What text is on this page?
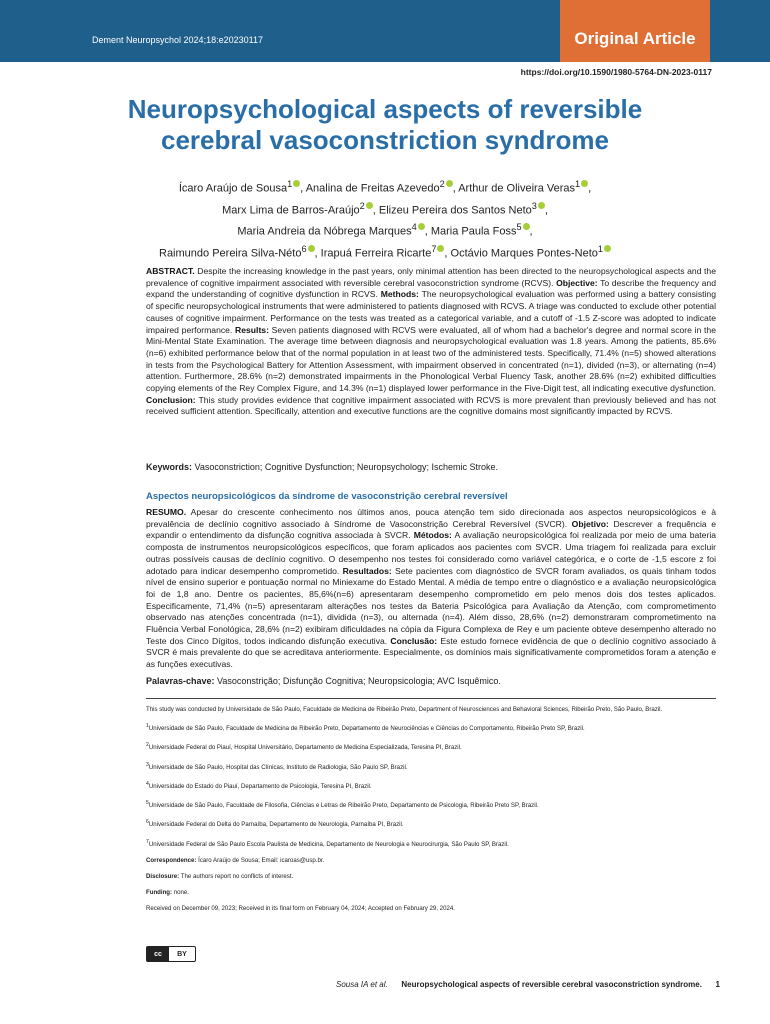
Dement Neuropsychol 2024;18:e20230117	Original Article
https://doi.org/10.1590/1980-5764-DN-2023-0117
Neuropsychological aspects of reversible cerebral vasoconstriction syndrome
Ícaro Araújo de Sousa$^1$ , Analina de Freitas Azevedo$^2$ , Arthur de Oliveira Veras$^1$ ,
Marx Lima de Barros-Araújo$^2$ , Elizeu Pereira dos Santos Neto$^3$ ,
Maria Andreia da Nóbrega Marques$^4$ , Maria Paula Foss$^5$ ,
Raimundo Pereira Silva-Néto$^6$ , Irapuá Ferreira Ricarte$^7$ , Octávio Marques Pontes-Neto$^1$

ABSTRACT. Despite the increasing knowledge in the past years, only minimal attention has been directed to the neuropsychological aspects and the prevalence of cognitive impairment associated with reversible cerebral vasoconstriction syndrome (RCVS). Objective: To describe the frequency and expand the understanding of cognitive dysfunction in RCVS. Methods: The neuropsychological evaluation was performed using a battery consisting of specific neuropsychological instruments that were administered to patients diagnosed with RCVS. A triage was conducted to exclude other potential causes of cognitive impairment. Performance on the tests was treated as a categorical variable, and a cutoff of -1.5 Z-score was adopted to indicate impaired performance. Results: Seven patients diagnosed with RCVS were evaluated, all of whom had a bachelor's degree and normal score in the Mini-Mental State Examination. The average time between diagnosis and neuropsychological evaluation was 1.8 years. Among the patients, 85.6% (n=6) exhibited performance below that of the normal population in at least two of the administered tests. Specifically, 71.4% (n=5) showed alterations in tests from the Psychological Battery for Attention Assessment, with impairment observed in concentrated (n=1), divided (n=3), or alternating (n=4) attention. Furthermore, 28.6% (n=2) demonstrated impairments in the Phonological Verbal Fluency Task, another 28.6% (n=2) exhibited difficulties copying elements of the Rey Complex Figure, and 14.3% (n=1) displayed lower performance in the Five-Digit test, all indicating executive dysfunction. Conclusion: This study provides evidence that cognitive impairment associated with RCVS is more prevalent than previously believed and has not received sufficient attention. Specifically, attention and executive functions are the cognitive domains most significantly impacted by RCVS.

Keywords: Vasoconstriction; Cognitive Dysfunction; Neuropsychology; Ischemic Stroke.
Aspectos neuropsicológicos da síndrome de vasoconstrição cerebral reversível

RESUMO. Apesar do crescente conhecimento nos últimos anos, pouca atenção tem sido direcionada aos aspectos neuropsicológicos e à prevalência de declínio cognitivo associado à Síndrome de Vasoconstrição Cerebral Reversível (SVCR). Objetivo: Descrever a frequência e expandir o entendimento da disfunção cognitiva associada à SVCR. Métodos: A avaliação neuropsicológica foi realizada por meio de uma bateria composta de instrumentos neuropsicológicos específicos, que foram aplicados aos pacientes com SVCR. Uma triagem foi realizada para excluir outras possíveis causas de declínio cognitivo. O desempenho nos testes foi considerado como variável categórica, e o corte de -1,5 escore z foi adotado para indicar desempenho comprometido. Resultados: Sete pacientes com diagnóstico de SVCR foram avaliados, os quais tinham todos nível de ensino superior e pontuação normal no Miniexame do Estado Mental. A média de tempo entre o diagnóstico e a avaliação neuropsicológica foi de 1,8 ano. Dentre os pacientes, 85,6%(n=6) apresentaram desempenho comprometido em pelo menos dois dos testes aplicados. Especificamente, 71,4% (n=5) apresentaram alterações nos testes da Bateria Psicológica para Avaliação da Atenção, com comprometimento observado nas atenções concentrada (n=1), dividida (n=3), ou alternada (n=4). Além disso, 28,6% (n=2) demonstraram comprometimento na Fluência Verbal Fonológica, 28,6% (n=2) exibiram dificuldades na cópia da Figura Complexa de Rey e um paciente obteve desempenho alterado no Teste dos Cinco Dígitos, todos indicando disfunção executiva. Conclusão: Este estudo fornece evidência de que o declínio cognitivo associado à SVCR é mais prevalente do que se acreditava anteriormente. Especialmente, os domínios mais significativamente comprometidos foram a atenção e as funções executivas.

Palavras-chave: Vasoconstrição; Disfunção Cognitiva; Neuropsicologia; AVC Isquêmico.

This study was conducted by Universidade de São Paulo, Faculdade de Medicina de Ribeirão Preto, Department of Neurosciences and Behavioral Sciences, Ribeirão Preto, São Paulo, Brazil.

$^1$Universidade de São Paulo, Faculdade de Medicina de Ribeirão Preto, Departamento de Neurociências e Ciências do Comportamento, Ribeirão Preto SP, Brazil.

$^2$Universidade Federal do Piauí, Hospital Universitário, Departamento de Medicina Especializada, Teresina PI, Brazil.

$^3$Universidade de São Paulo, Hospital das Clínicas, Instituto de Radiologia, São Paulo SP, Brazil.

$^4$Universidade do Estado do Piauí, Departamento de Psicologia, Teresina PI, Brazil.

$^5$Universidade de São Paulo, Faculdade de Filosofia, Ciências e Letras de Ribeirão Preto, Departamento de Psicologia, Ribeirão Preto SP, Brazil.

$^6$Universidade Federal do Delta do Parnaíba, Departamento de Neurologia, Parnaíba PI, Brazil.

$^7$Universidade Federal de São Paulo Escola Paulista de Medicina, Departamento de Neurologia e Neurocirurgia, São Paulo SP, Brazil.

Correspondence: Ícaro Araújo de Sousa; Email: icaroas@usp.br.

Disclosure: The authors report no conflicts of interest.

Funding: none.

Received on December 09, 2023; Received in its final form on February 04, 2024; Accepted on February 29, 2024.

cc	BY
Sousa IA et al. Neuropsychological aspects of reversible cerebral vasoconstriction syndrome. 1
